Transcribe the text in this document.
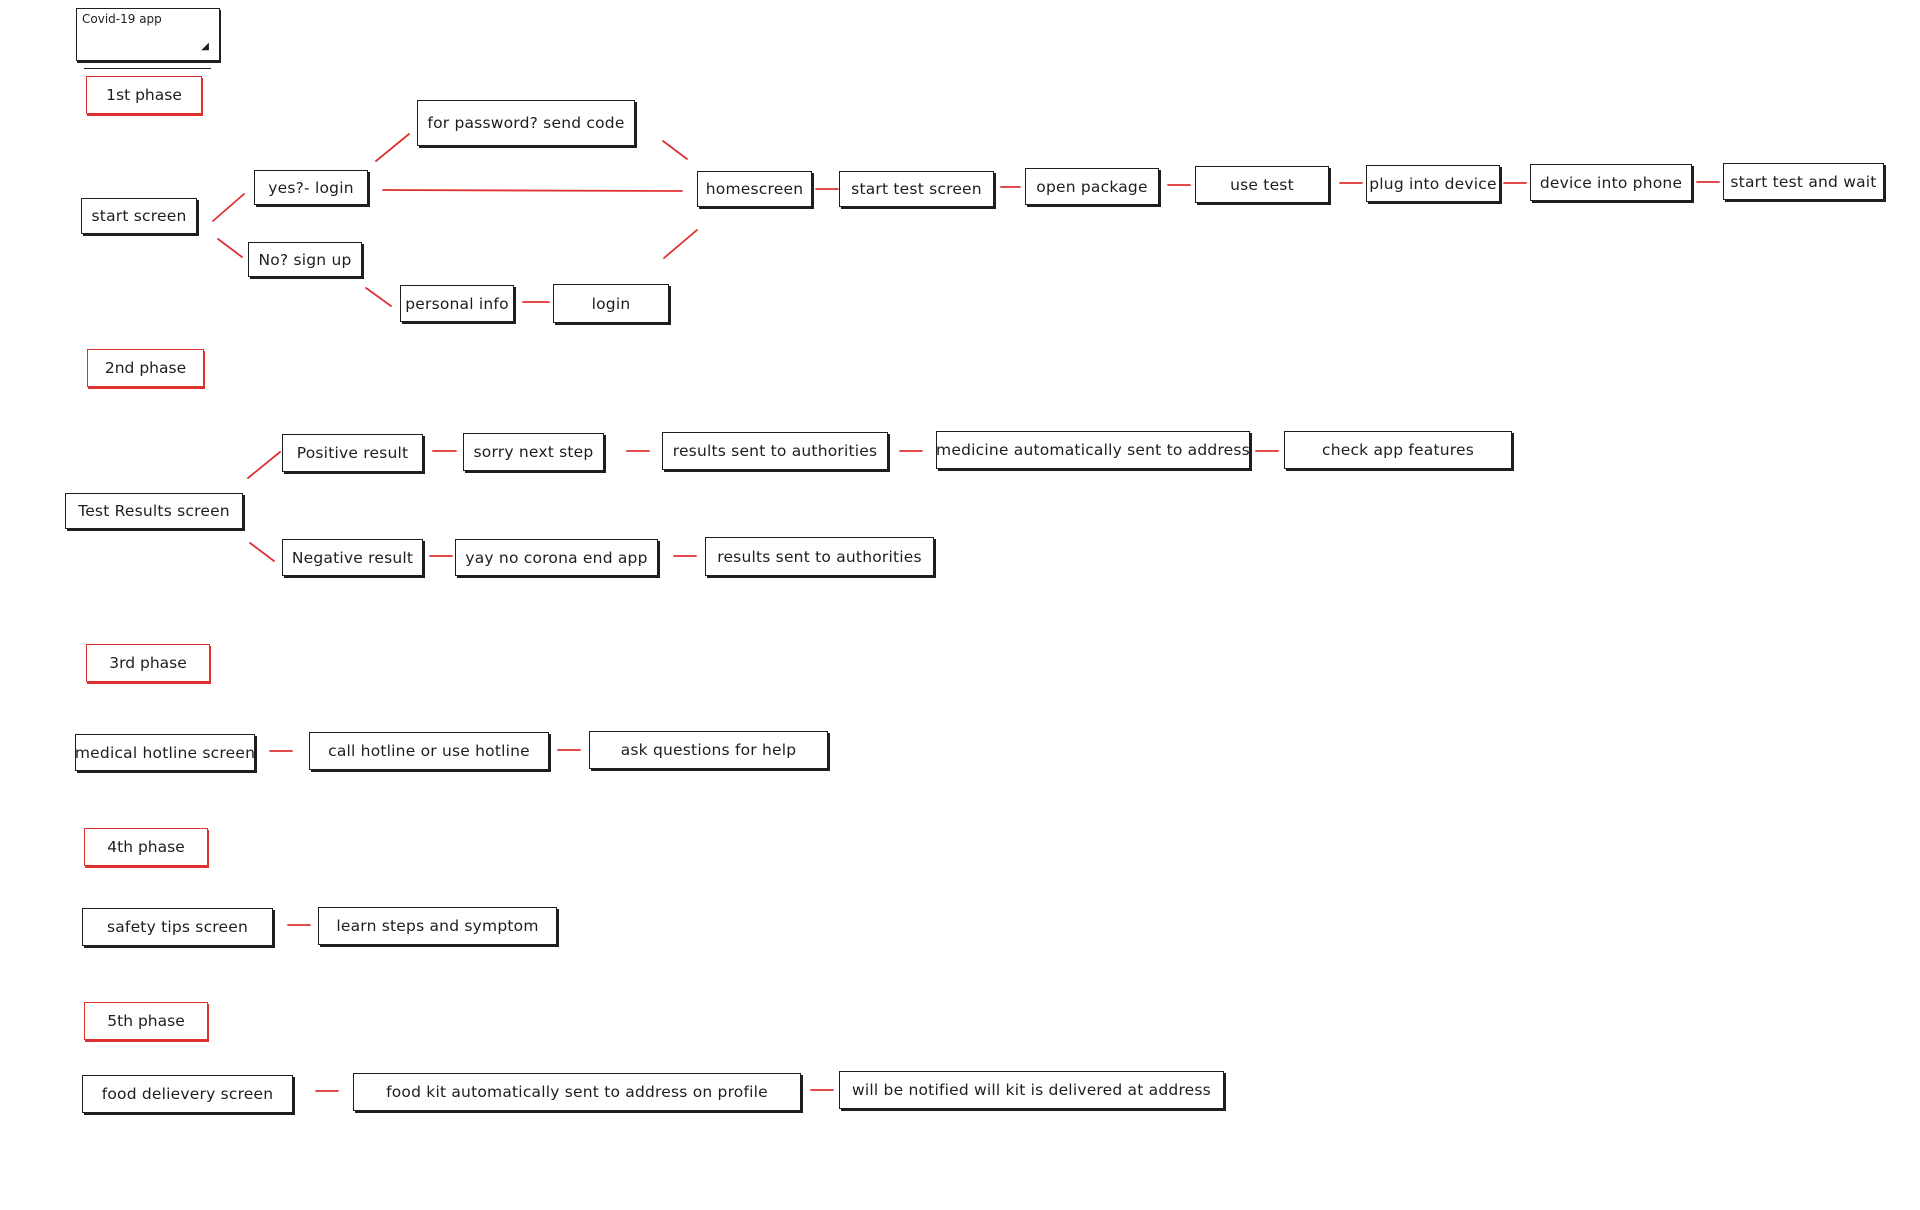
Covid-19 app
◢
1st phase
2nd phase
3rd phase
4th phase
5th phase
start screen
yes?- login
No? sign up
for password? send code
personal info	login
homescreen	start test screen	open package	use test	plug into device	device into phone	start test and wait
Test Results screen
Positive result	sorry next step	results sent to authorities	medicine automatically sent to address	check app features
Negative result	yay no corona end app	results sent to authorities
medical hotline screen	call hotline or use hotline	ask questions for help
safety tips screen	learn steps and symptom
food delievery screen	food kit automatically sent to address on profile	will be notified will kit is delivered at address
